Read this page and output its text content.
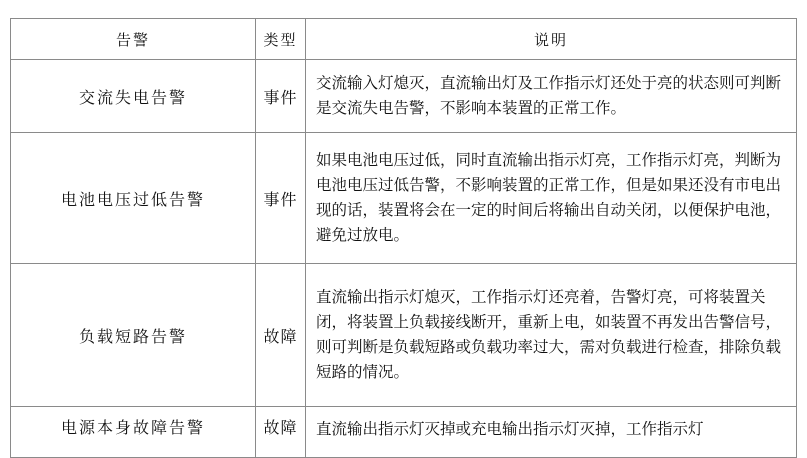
告警	类型	说明
交流失电告警	事件	交流输入灯熄灭，直流输出灯及工作指示灯还处于亮的状态则可判断是交流失电告警，不影响本装置的正常工作。
电池电压过低告警	事件	如果电池电压过低，同时直流输出指示灯亮，工作指示灯亮，判断为电池电压过低告警，不影响装置的正常工作，但是如果还没有市电出现的话，装置将会在一定的时间后将输出自动关闭，以便保护电池，避免过放电。
负载短路告警	故障	直流输出指示灯熄灭，工作指示灯还亮着，告警灯亮，可将装置关闭，将装置上负载接线断开，重新上电，如装置不再发出告警信号，则可判断是负载短路或负载功率过大，需对负载进行检查，排除负载短路的情况。
电源本身故障告警	故障	直流输出指示灯灭掉或充电输出指示灯灭掉，工作指示灯
